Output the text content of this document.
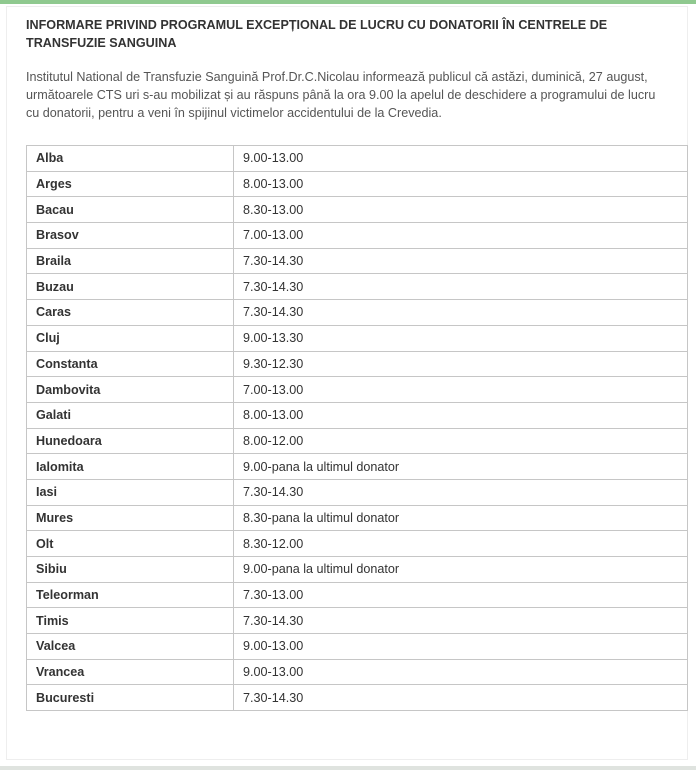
INFORMARE PRIVIND PROGRAMUL EXCEPȚIONAL DE LUCRU CU DONATORII ÎN CENTRELE DE TRANSFUZIE SANGUINA

Institutul National de Transfuzie Sanguină Prof.Dr.C.Nicolau informează publicul că astăzi, duminică, 27 august, următoarele CTS uri s-au mobilizat și au răspuns până la ora 9.00 la apelul de deschidere a programului de lucru cu donatorii, pentru a veni în spijinul victimelor accidentului de la Crevedia.

Alba	9.00-13.00
Arges	8.00-13.00
Bacau	8.30-13.00
Brasov	7.00-13.00
Braila	7.30-14.30
Buzau	7.30-14.30
Caras	7.30-14.30
Cluj	9.00-13.30
Constanta	9.30-12.30
Dambovita	7.00-13.00
Galati	8.00-13.00
Hunedoara	8.00-12.00
Ialomita	9.00-pana la ultimul donator
Iasi	7.30-14.30
Mures	8.30-pana la ultimul donator
Olt	8.30-12.00
Sibiu	9.00-pana la ultimul donator
Teleorman	7.30-13.00
Timis	7.30-14.30
Valcea	9.00-13.00
Vrancea	9.00-13.00
Bucuresti	7.30-14.30
